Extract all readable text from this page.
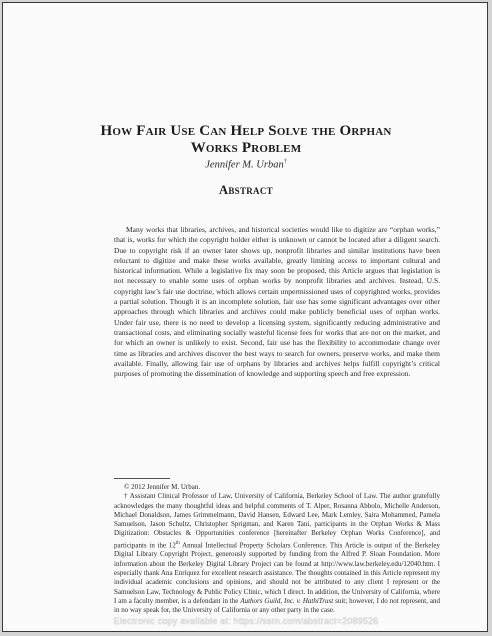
How Fair Use Can Help Solve the Orphan
Works Problem
Jennifer M. Urban†
Abstract

Many works that libraries, archives, and historical societies would like to digitize are “orphan works,” that is, works for which the copyright holder either is unknown or cannot be located after a diligent search. Due to copyright risk if an owner later shows up, nonprofit libraries and similar institutions have been reluctant to digitize and make these works available, greatly limiting access to important cultural and historical information. While a legislative fix may soon be proposed, this Article argues that legislation is not necessary to enable some uses of orphan works by nonprofit libraries and archives. Instead, U.S. copyright law’s fair use doctrine, which allows certain unpermissioned uses of copyrighted works, provides a partial solution. Though it is an incomplete solution, fair use has some significant advantages over other approaches through which libraries and archives could make publicly beneficial uses of orphan works. Under fair use, there is no need to develop a licensing system, significantly reducing administrative and transactional costs, and eliminating socially wasteful license fees for works that are not on the market, and for which an owner is unlikely to exist. Second, fair use has the flexibility to accommodate change over time as libraries and archives discover the best ways to search for owners, preserve works, and make them available. Finally, allowing fair use of orphans by libraries and archives helps fulfill copyright’s critical purposes of promoting the dissemination of knowledge and supporting speech and free expression.

© 2012 Jennifer M. Urban.

† Assistant Clinical Professor of Law, University of California, Berkeley School of Law. The author gratefully acknowledges the many thoughtful ideas and helpful comments of T. Alper, Rosanna Abbolo, Michelle Anderson, Michael Donaldson, James Grimmelmann, David Hansen, Edward Lee, Mark Lemley, Saira Mohammed, Pamela Samuelson, Jason Schultz, Christopher Sprigman, and Karen Tani, participants in the Orphan Works & Mass Digitization: Obstacles & Opportunities conference [hereinafter Berkeley Orphan Works Conference], and participants in the 12th Annual Intellectual Property Scholars Conference. This Article is output of the Berkeley Digital Library Copyright Project, generously supported by funding from the Alfred P. Sloan Foundation. More information about the Berkeley Digital Library Project can be found at http://www.law.berkeley.edu/12040.htm. I especially thank Ana Enriquez for excellent research assistance. The thoughts contained in this Article represent my individual academic conclusions and opinions, and should not be attributed to any client I represent or the Samuelson Law, Technology & Public Policy Clinic, which I direct. In addition, the University of California, where I am a faculty member, is a defendant in the Authors Guild, Inc. v. HathiTrust suit; however, I do not represent, and in no way speak for, the University of California or any other party in the case.

Electronic copy available at: https://ssrn.com/abstract=2089526
